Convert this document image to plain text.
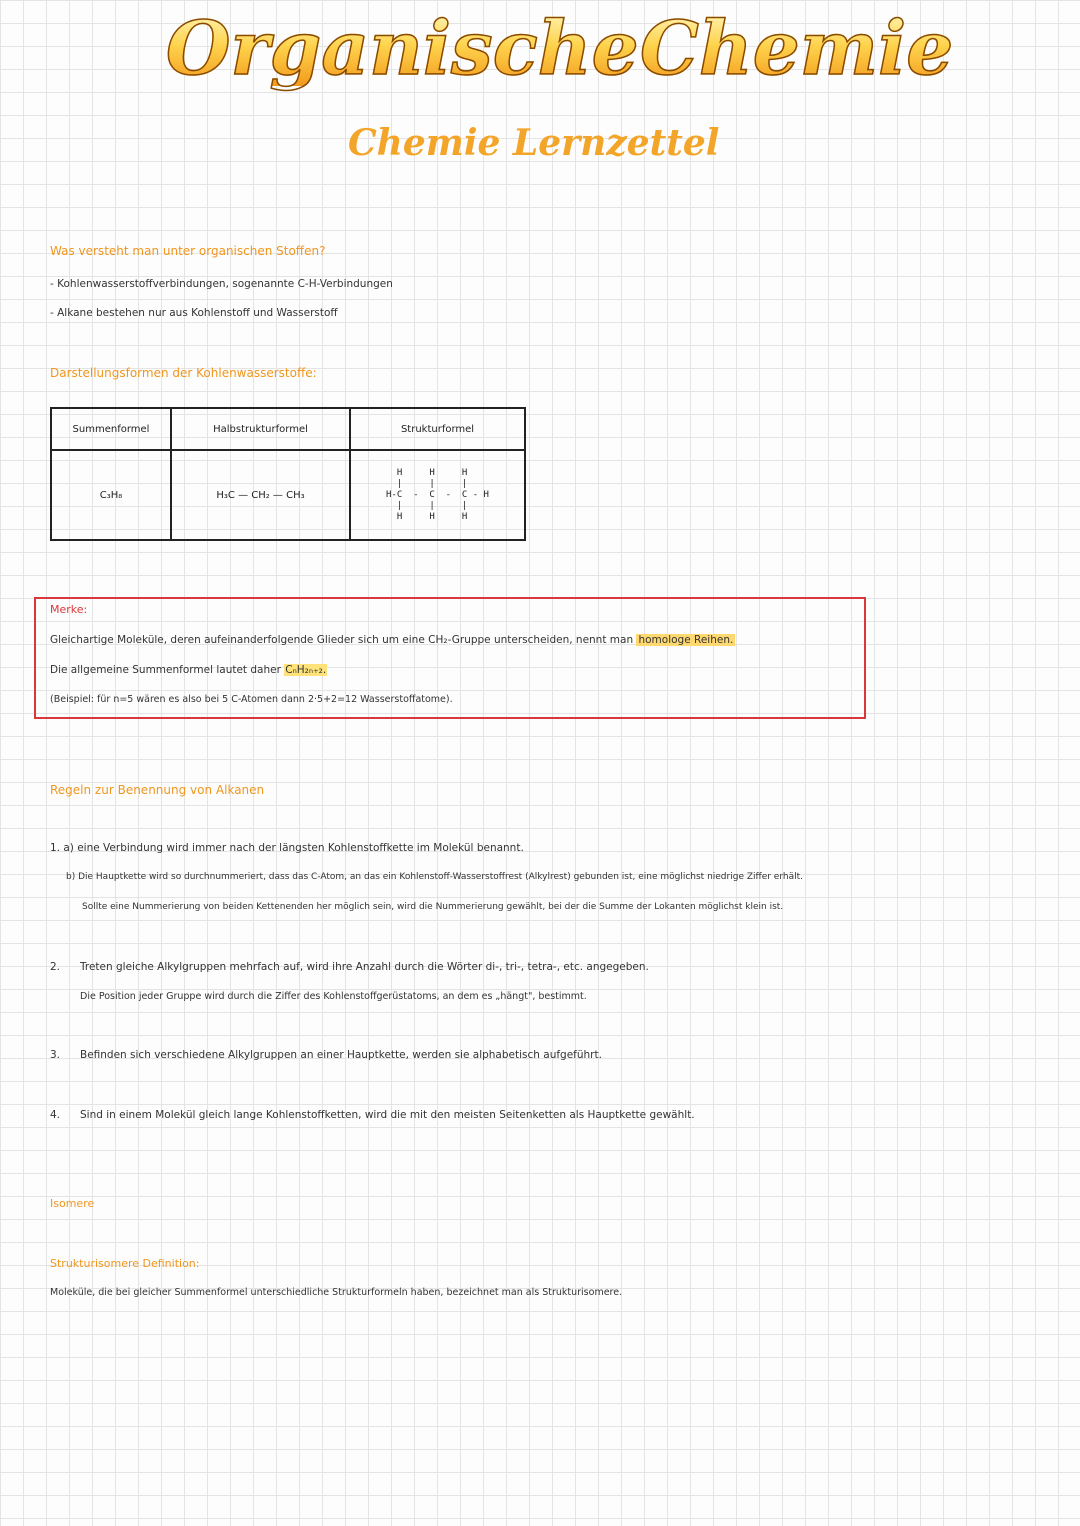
Organische Chemie
Chemie Lernzettel
Was versteht man unter organischen Stoffen?
- Kohlenwasserstoffverbindungen, sogenannte C-H-Verbindungen
- Alkane bestehen nur aus Kohlenstoff und Wasserstoff
Darstellungsformen der Kohlenwasserstoffe:
Summenformel	Halbstrukturformel	Strukturformel
C₃H₈	H₃C — CH₂ — CH₃	H     H     H
|     |     |
H-C  -  C  -  C - H
|     |     |
H     H     H
Merke:
Gleichartige Moleküle, deren aufeinanderfolgende Glieder sich um eine CH₂-Gruppe unterscheiden, nennt man homologe Reihen.
Die allgemeine Summenformel lautet daher CₙH₂ₙ₊₂.
(Beispiel: für n=5 wären es also bei 5 C-Atomen dann 2·5+2=12 Wasserstoffatome).
Regeln zur Benennung von Alkanen
1. a) eine Verbindung wird immer nach der längsten Kohlenstoffkette im Molekül benannt.
b) Die Hauptkette wird so durchnummeriert, dass das C-Atom, an das ein Kohlenstoff-Wasserstoffrest (Alkylrest) gebunden ist, eine möglichst niedrige Ziffer erhält.
Sollte eine Nummerierung von beiden Kettenenden her möglich sein, wird die Nummerierung gewählt, bei der die Summe der Lokanten möglichst klein ist.
2. Treten gleiche Alkylgruppen mehrfach auf, wird ihre Anzahl durch die Wörter di-, tri-, tetra-, etc. angegeben.
Die Position jeder Gruppe wird durch die Ziffer des Kohlenstoffgerüstatoms, an dem es „hängt", bestimmt.
3. Befinden sich verschiedene Alkylgruppen an einer Hauptkette, werden sie alphabetisch aufgeführt.
4. Sind in einem Molekül gleich lange Kohlenstoffketten, wird die mit den meisten Seitenketten als Hauptkette gewählt.
Isomere
Strukturisomere Definition:
Moleküle, die bei gleicher Summenformel unterschiedliche Strukturformeln haben, bezeichnet man als Strukturisomere.
